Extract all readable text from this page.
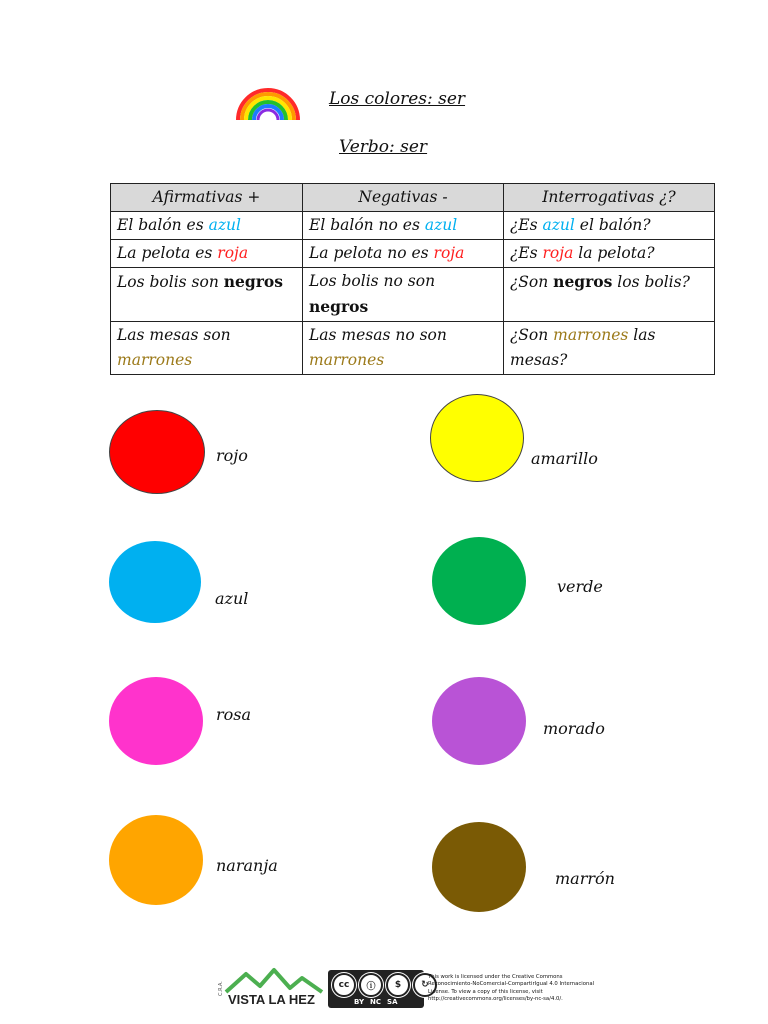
Los colores: ser
Verbo: ser
Afirmativas +	Negativas -	Interrogativas ¿?
El balón es azul	El balón no es azul	¿Es azul el balón?
La pelota es roja	La pelota no es roja	¿Es roja la pelota?
Los bolis son negros	Los bolis no son negros	¿Son negros los bolis?
Las mesas son marrones	Las mesas no son marrones	¿Son marrones las mesas?
rojo	amarillo
azul
verde
rosa
morado
naranja
marrón
C.R.A.
VISTA LA HEZ
cc	ⓘ	$	↻
BY NC SA
This work is licensed under the Creative Commons
Reconocimiento-NoComercial-CompartirIgual 4.0 Internacional
License. To view a copy of this license, visit
http://creativecommons.org/licenses/by-nc-sa/4.0/.
